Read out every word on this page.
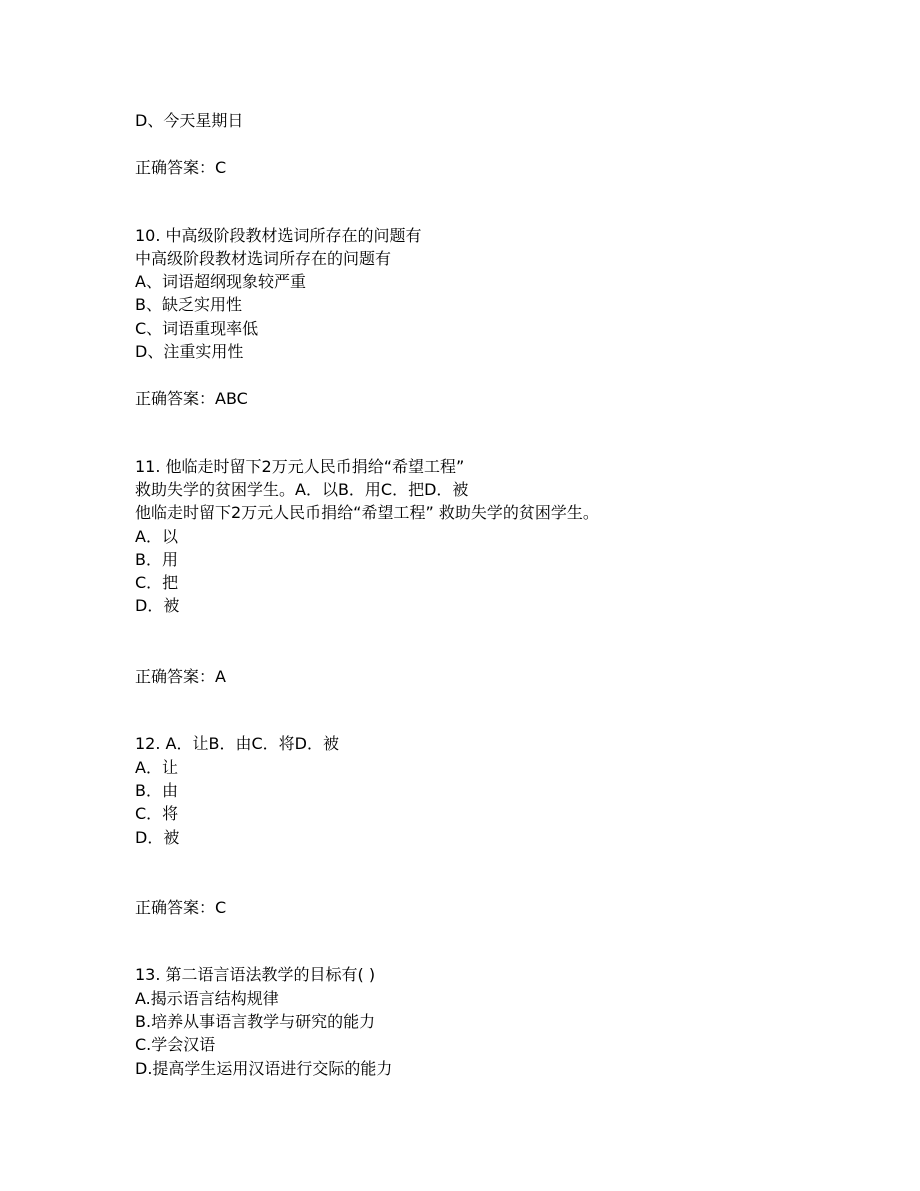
D、今天星期日

正确答案：C

10. 中高级阶段教材选词所存在的问题有

中高级阶段教材选词所存在的问题有

A、词语超纲现象较严重

B、缺乏实用性

C、词语重现率低

D、注重实用性

正确答案：ABC

11. 他临走时留下2万元人民币捐给“希望工程”

救助失学的贫困学生。A．以B．用C．把D．被

他临走时留下2万元人民币捐给“希望工程” 救助失学的贫困学生。

A．以

B．用

C．把

D．被

正确答案：A

12. A．让B．由C．将D．被

A．让

B．由

C．将

D．被

正确答案：C

13. 第二语言语法教学的目标有( )

A.揭示语言结构规律

B.培养从事语言教学与研究的能力

C.学会汉语

D.提高学生运用汉语进行交际的能力
